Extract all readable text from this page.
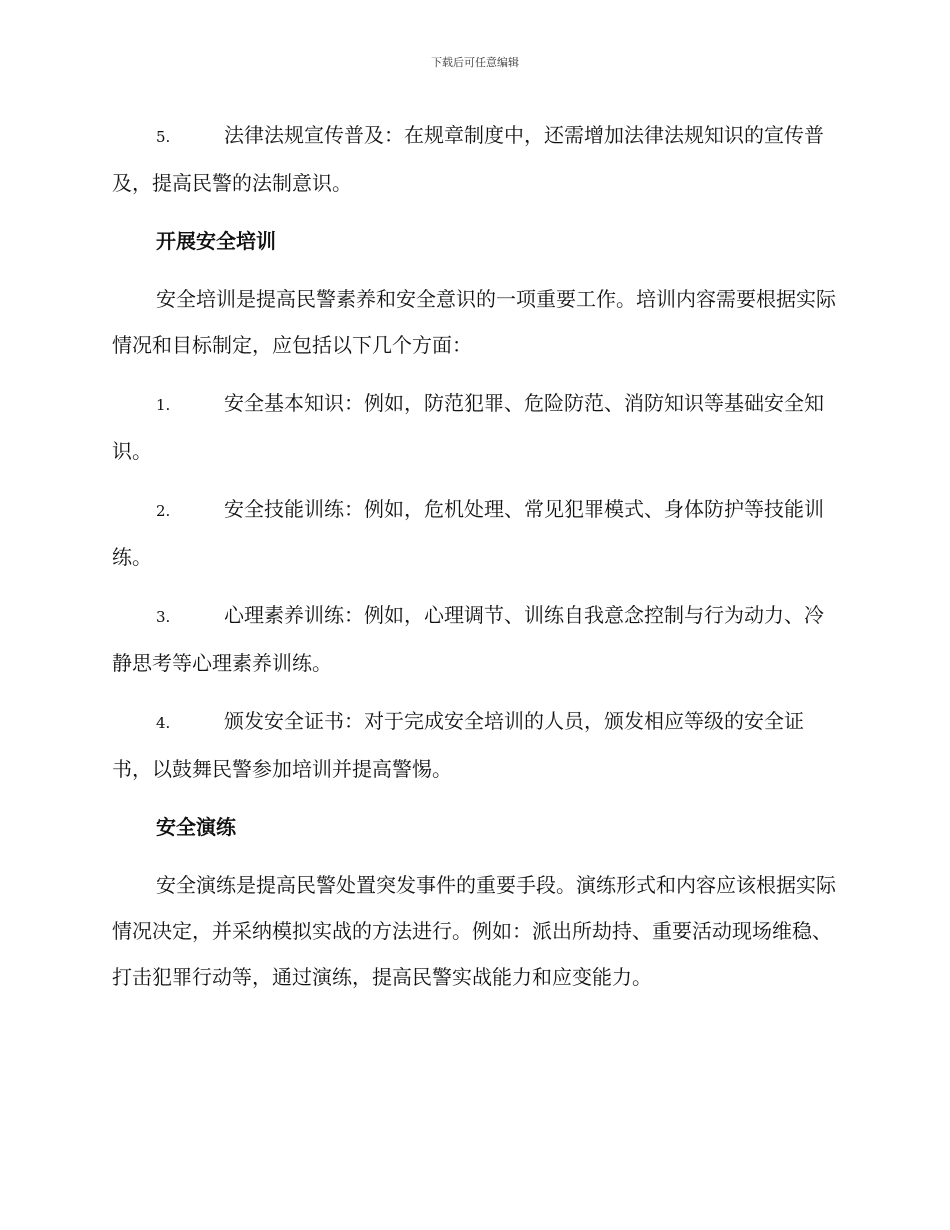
下载后可任意编辑
5.	法律法规宣传普及：在规章制度中，还需增加法律法规知识的宣传普及，提高民警的法制意识。
开展安全培训
安全培训是提高民警素养和安全意识的一项重要工作。培训内容需要根据实际情况和目标制定，应包括以下几个方面：
1.	安全基本知识：例如，防范犯罪、危险防范、消防知识等基础安全知识。
2.	安全技能训练：例如，危机处理、常见犯罪模式、身体防护等技能训练。
3.	心理素养训练：例如，心理调节、训练自我意念控制与行为动力、冷静思考等心理素养训练。
4.	颁发安全证书：对于完成安全培训的人员，颁发相应等级的安全证书，以鼓舞民警参加培训并提高警惕。
安全演练
安全演练是提高民警处置突发事件的重要手段。演练形式和内容应该根据实际情况决定，并采纳模拟实战的方法进行。例如：派出所劫持、重要活动现场维稳、打击犯罪行动等，通过演练，提高民警实战能力和应变能力。
